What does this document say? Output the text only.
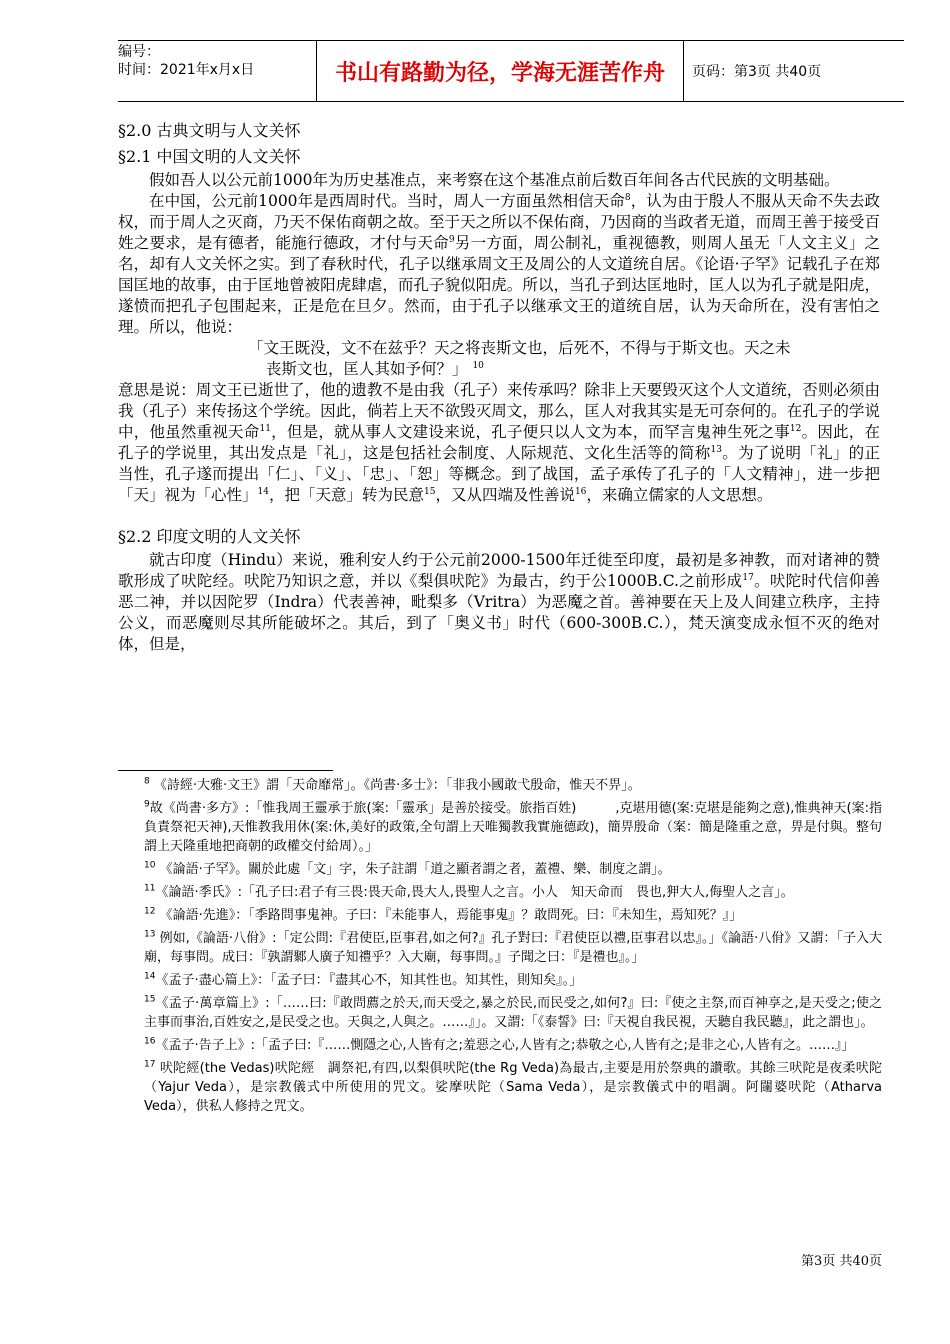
编号：
时间：2021年x月x日	书山有路勤为径，学海无涯苦作舟	页码：第3页 共40页
§2.0 古典文明与人文关怀
§2.1 中国文明的人文关怀

假如吾人以公元前1000年为历史基准点，来考察在这个基准点前后数百年间各古代民族的文明基础。

在中国，公元前1000年是西周时代。当时，周人一方面虽然相信天命$^8$，认为由于殷人不服从天命不失去政权，而于周人之灭商，乃天不保佑商朝之故。至于天之所以不保佑商，乃因商的当政者无道，而周王善于接受百姓之要求，是有德者，能施行德政，才付与天命$^9$另一方面，周公制礼，重视德教，则周人虽无「人文主义」之名，却有人文关怀之实。到了春秋时代，孔子以继承周文王及周公的人文道统自居。《论语·子罕》记载孔子在郑国匡地的故事，由于匡地曾被阳虎肆虐，而孔子貌似阳虎。所以，当孔子到达匡地时，匡人以为孔子就是阳虎，遂愤而把孔子包围起来，正是危在旦夕。然而，由于孔子以继承文王的道统自居，认为天命所在，没有害怕之理。所以，他说：

「文王既没，文不在兹乎？天之将丧斯文也，后死𣎴，不得与于斯文也。天之未

丧斯文也，匡人其如予何？」 $^{10}$

意思是说：周文王已逝世了，他的遗教不是由我（孔子）来传承吗？除非上天要毁灭这个人文道统，否则必须由我（孔子）来传扬这个学统。因此，倘若上天不欲毁灭周文，那么，匡人对我其实是无可奈何的。在孔子的学说中，他虽然重视天命$^{11}$，但是，就从事人文建设来说，孔子便只以人文为本，而罕言鬼神生死之事$^{12}$。因此，在孔子的学说里，其出发点是「礼」，这是包括社会制度、人际规范、文化生活等的简称$^{13}$。为了说明「礼」的正当性，孔子遂而提出「仁」、「义」、「忠」、「恕」等概念。到了战国，孟子承传了孔子的「人文精神」，进一步把「天」视为「心性」$^{14}$，把「天意」转为民意$^{15}$，又从四端及性善说$^{16}$，来确立儒家的人文思想。

§2.2 印度文明的人文关怀

就古印度（Hindu）来说，雅利安人约于公元前2000-1500年迁徙至印度，最初是多神教，而对诸神的赞歌形成了吠陀经。吠陀乃知识之意，并以《梨俱吠陀》为最古，约于公1000B.C.之前形成$^{17}$。吠陀时代信仰善恶二神，并以因陀罗（Indra）代表善神，毗梨多（Vritra）为恶魔之首。善神要在天上及人间建立秩序，主持公义，而恶魔则尽其所能破坏之。其后，到了「奥义书」时代（600-300B.C.），梵天演变成永恒不灭的绝对体，但是，

$^8$ 《詩經·大雅·文王》謂「天命靡常」。《尚書·多士》：「非我小國敢弋殷命，惟天不畀」。

$^9$故《尚書·多方》:「惟我周王靈承于旅(案:「靈承」是善於接受。旅指百姓)　　　,克堪用德(案:克堪是能夠之意),惟典神天(案:指負責祭祀天神),天惟教我用休(案:休,美好的政策,全句謂上天唯獨教我實施德政)，簡畀殷命（案：簡是隆重之意，畀是付與。整句謂上天隆重地把商朝的政權交付給周）。」

$^{10}$ 《論語·子罕》。關於此處「文」字，朱子註謂「道之顯者謂之者，蓋禮、樂、制度之謂」。

$^{11}$《論語·季氏》:「孔子曰:君子有三畏:畏天命,畏大人,畏聖人之言。小人　知天命而　畏也,狎大人,侮聖人之言」。

$^{12}$ 《論語·先進》：「季路問事鬼神。子曰：『未能事人，焉能事鬼』？敢問死。曰：『未知生，焉知死？』」

$^{13}$ 例如,《論語·八佾》:「定公問:『君使臣,臣事君,如之何?』孔子對曰:『君使臣以禮,臣事君以忠』。」《論語·八佾》又謂：「子入大廟，每事問。成曰：『孰謂鄹人廣子知禮乎？入大廟，每事問。』子聞之曰：『是禮也』。」

$^{14}$《孟子·盡心篇上》：「孟子曰：『盡其心𣎴，知其性也。知其性，則知矣』。」

$^{15}$《孟子·萬章篇上》:「……曰:『敢問薦之於天,而天受之,暴之於民,而民受之,如何?』曰:『使之主祭,而百神享之,是天受之;使之主事而事治,百姓安之,是民受之也。天與之,人與之。……』」。又謂:「《泰誓》曰:『天視自我民視，天聽自我民聽』，此之謂也」。

$^{16}$《孟子·告子上》:「孟子曰:『……惻隱之心,人皆有之;羞惡之心,人皆有之;恭敬之心,人皆有之;是非之心,人皆有之。……』」

$^{17}$ 吠陀經(the Vedas)吠陀經　調祭祀,有四,以梨俱吠陀(the Rg Veda)為最古,主要是用於祭典的讚歌。其餘三吠陀是夜柔吠陀（Yajur Veda），是宗教儀式中所使用的咒文。娑摩吠陀（Sama Veda），是宗教儀式中的唱調。阿闥婆吠陀（Atharva Veda），供私人修持之咒文。

第3页 共40页
